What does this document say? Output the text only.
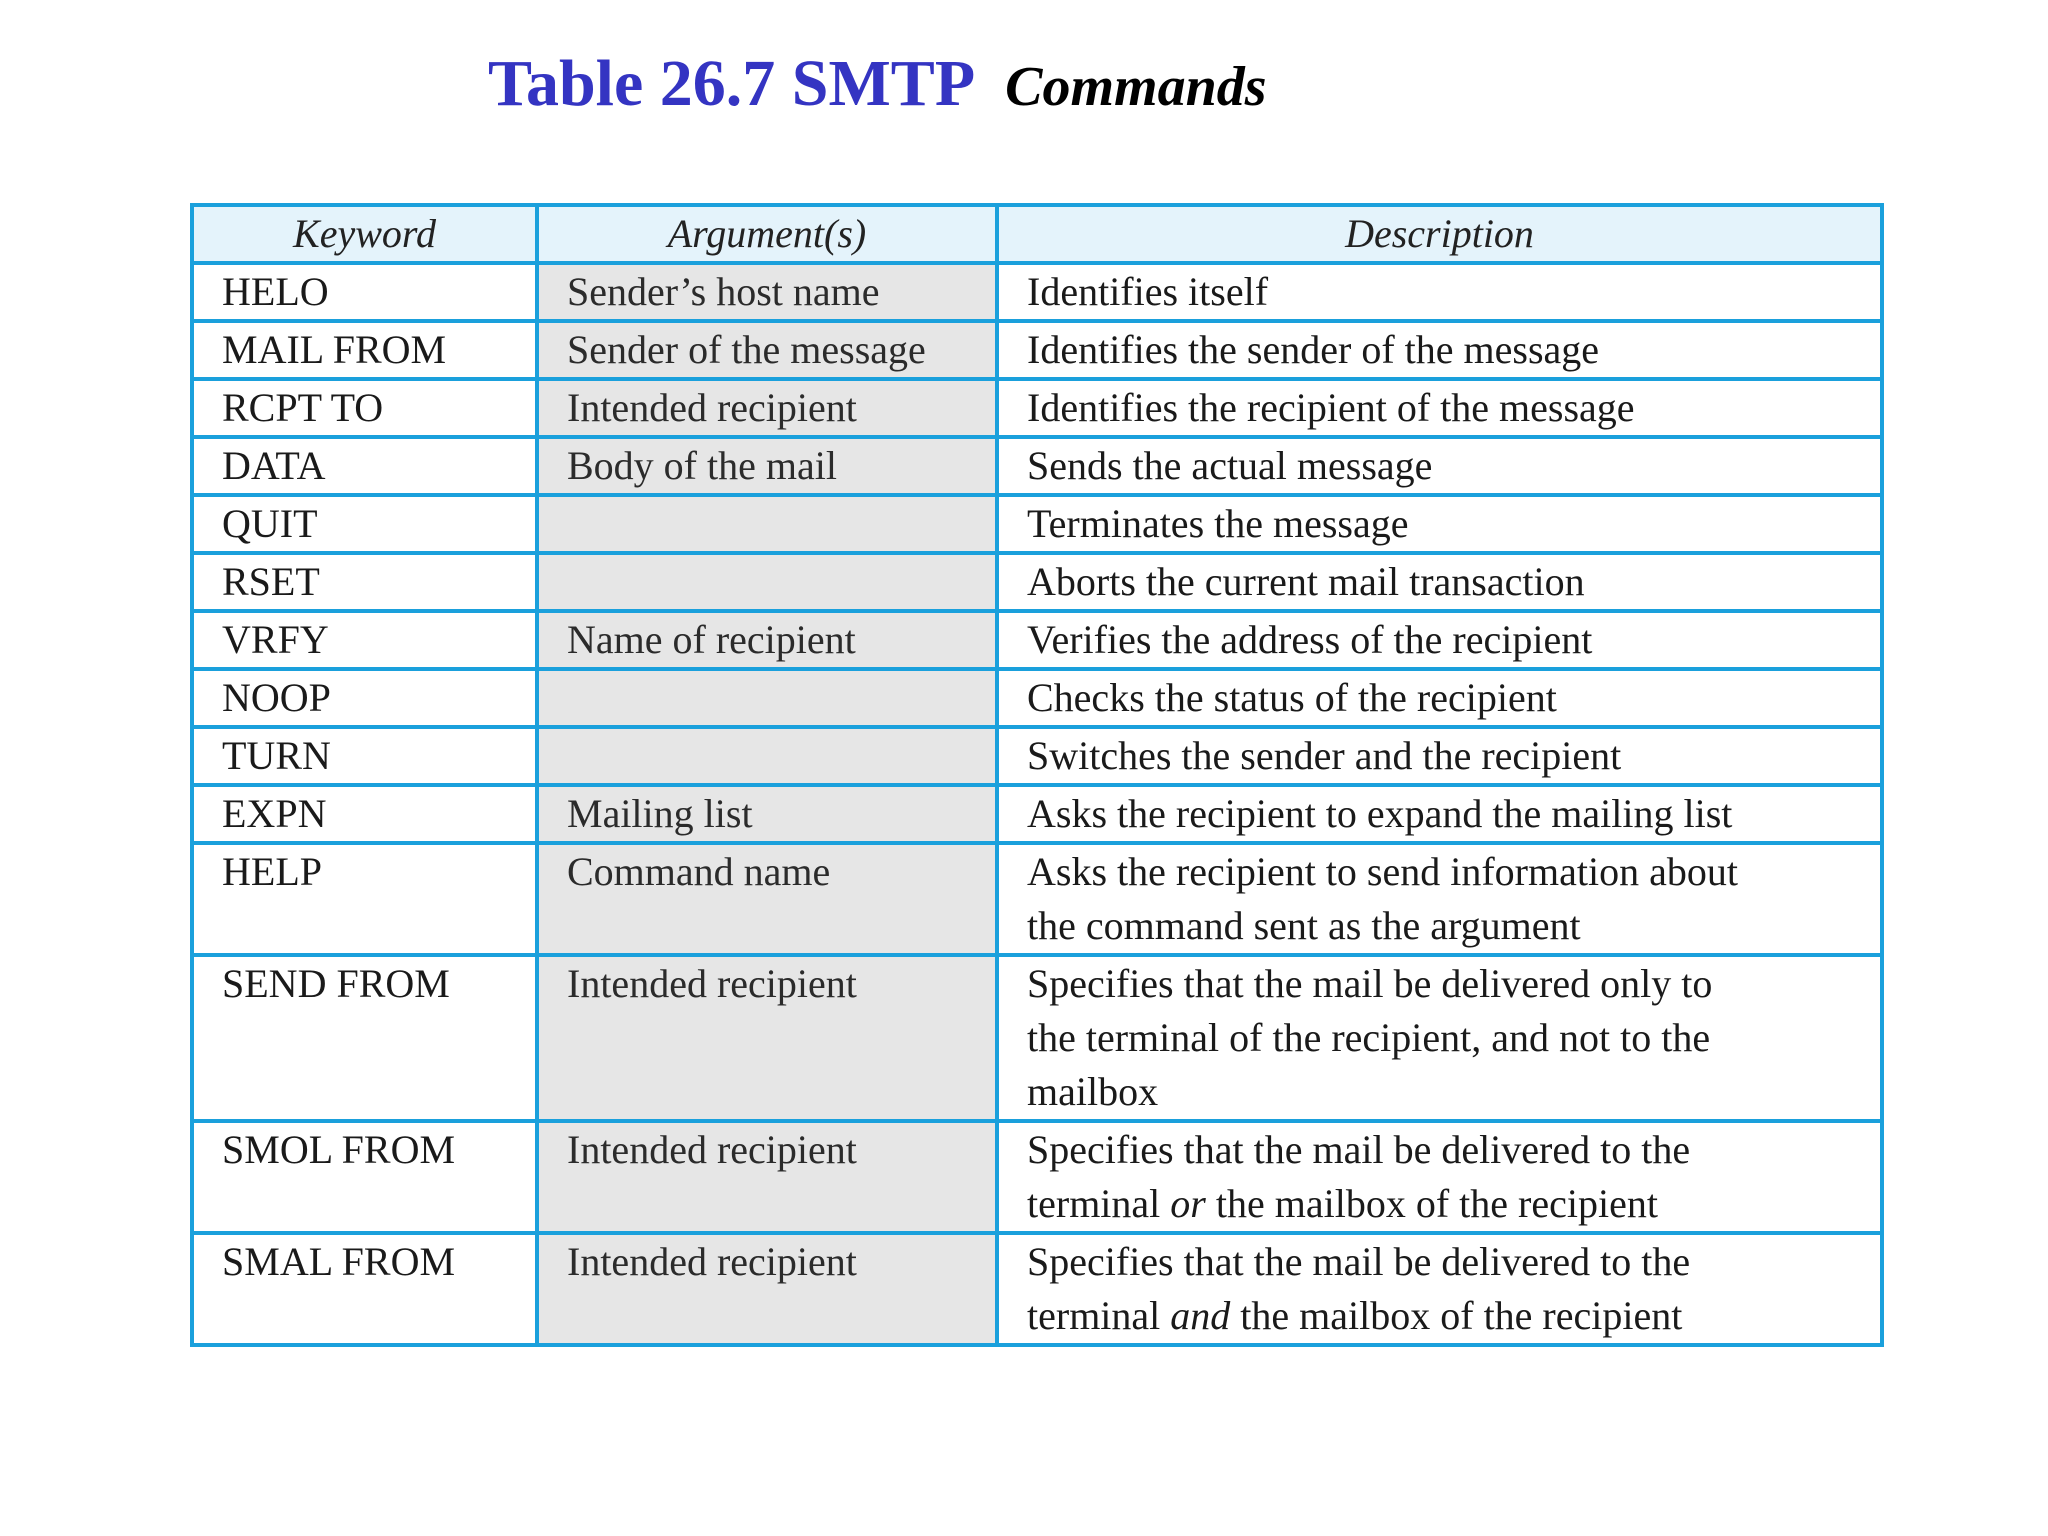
Table 26.7 SMTP Commands
Keyword	Argument(s)	Description
HELO	Sender’s host name	Identifies itself

MAIL FROM	Sender of the message	Identifies the sender of the message

RCPT TO	Intended recipient	Identifies the recipient of the message

DATA	Body of the mail	Sends the actual message

QUIT		Terminates the message

RSET		Aborts the current mail transaction

VRFY	Name of recipient	Verifies the address of the recipient

NOOP		Checks the status of the recipient

TURN		Switches the sender and the recipient

EXPN	Mailing list	Asks the recipient to expand the mailing list

HELP	Command name	Asks the recipient to send information about
the command sent as the argument

SEND FROM	Intended recipient	Specifies that the mail be delivered only to
the terminal of the recipient, and not to the
mailbox

SMOL FROM	Intended recipient	Specifies that the mail be delivered to the
terminal or the mailbox of the recipient

SMAL FROM	Intended recipient	Specifies that the mail be delivered to the
terminal and the mailbox of the recipient
